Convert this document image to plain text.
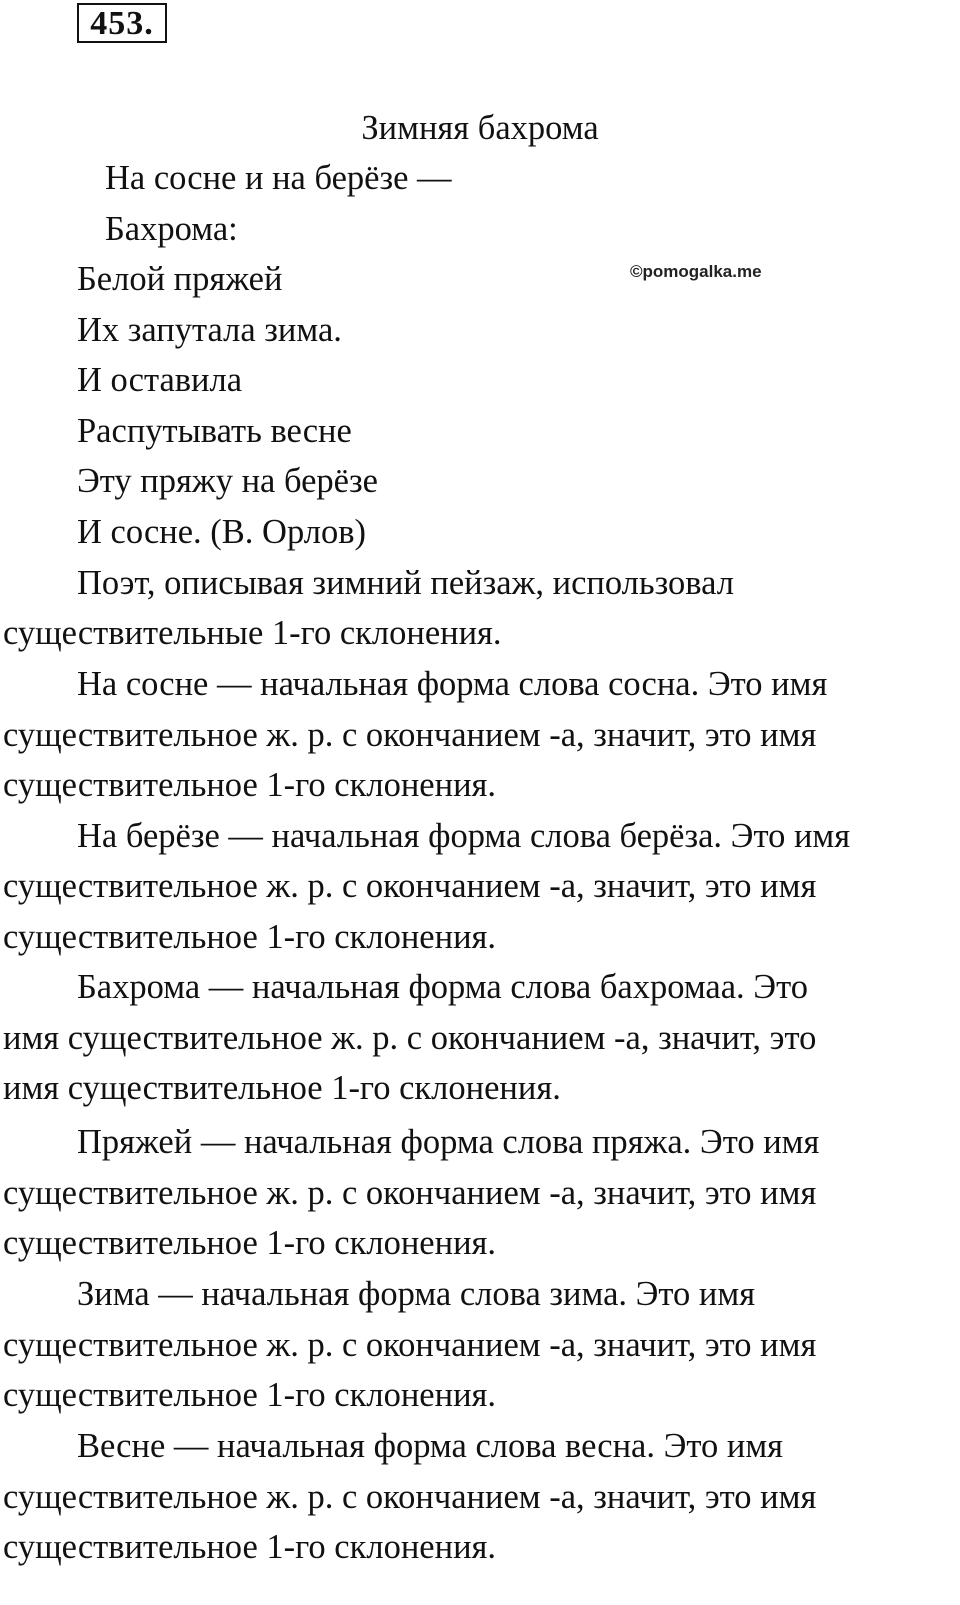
453.
Зимняя бахрома
На сосне и на берёзе —
Бахрома:
Белой пряжей
Их запутала зима.
И оставила
Распутывать весне
Эту пряжу на берёзе
И сосне. (В. Орлов)
©pomogalka.me
Поэт, описывая зимний пейзаж, использовал
существительные 1-го склонения.
На сосне — начальная форма слова сосна. Это имя
существительное ж. р. с окончанием -а, значит, это имя
существительное 1-го склонения.
На берёзе — начальная форма слова берёза. Это имя
существительное ж. р. с окончанием -а, значит, это имя
существительное 1-го склонения.
Бахрома — начальная форма слова бахромаа. Это
имя существительное ж. р. с окончанием -а, значит, это
имя существительное 1-го склонения.
Пряжей — начальная форма слова пряжа. Это имя
существительное ж. р. с окончанием -а, значит, это имя
существительное 1-го склонения.
Зима — начальная форма слова зима. Это имя
существительное ж. р. с окончанием -а, значит, это имя
существительное 1-го склонения.
Весне — начальная форма слова весна. Это имя
существительное ж. р. с окончанием -а, значит, это имя
существительное 1-го склонения.
